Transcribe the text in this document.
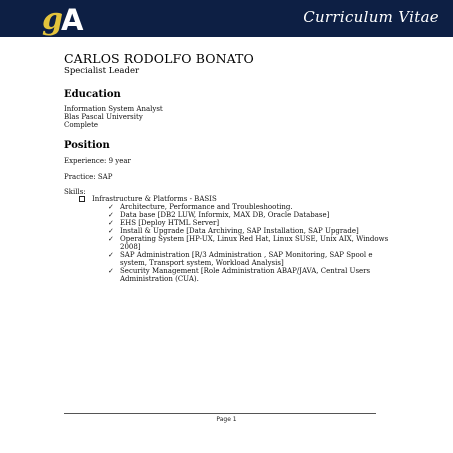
g
A	Curriculum Vitae
CARLOS RODOLFO BONATO
Specialist Leader
Education
Information System Analyst
Blas Pascal University
Complete
Position
Experience: 9 year
Practice: SAP
Skills:
Infrastructure & Platforms - BASIS
✓ Architecture, Performance and Troubleshooting.
✓ Data base [DB2 LUW, Informix, MAX DB, Oracle Database]
✓ EHS [Deploy HTML Server]
✓ Install & Upgrade [Data Archiving, SAP Installation, SAP Upgrade]
✓ Operating System [HP-UX, Linux Red Hat, Linux SUSE, Unix AIX, Windows 2008]
✓ SAP Administration [R/3 Administration , SAP Monitoring, SAP Spool e system, Transport system, Workload Analysis]
✓ Security Management [Role Administration ABAP/JAVA, Central Users Administration (CUA).
Page 1
